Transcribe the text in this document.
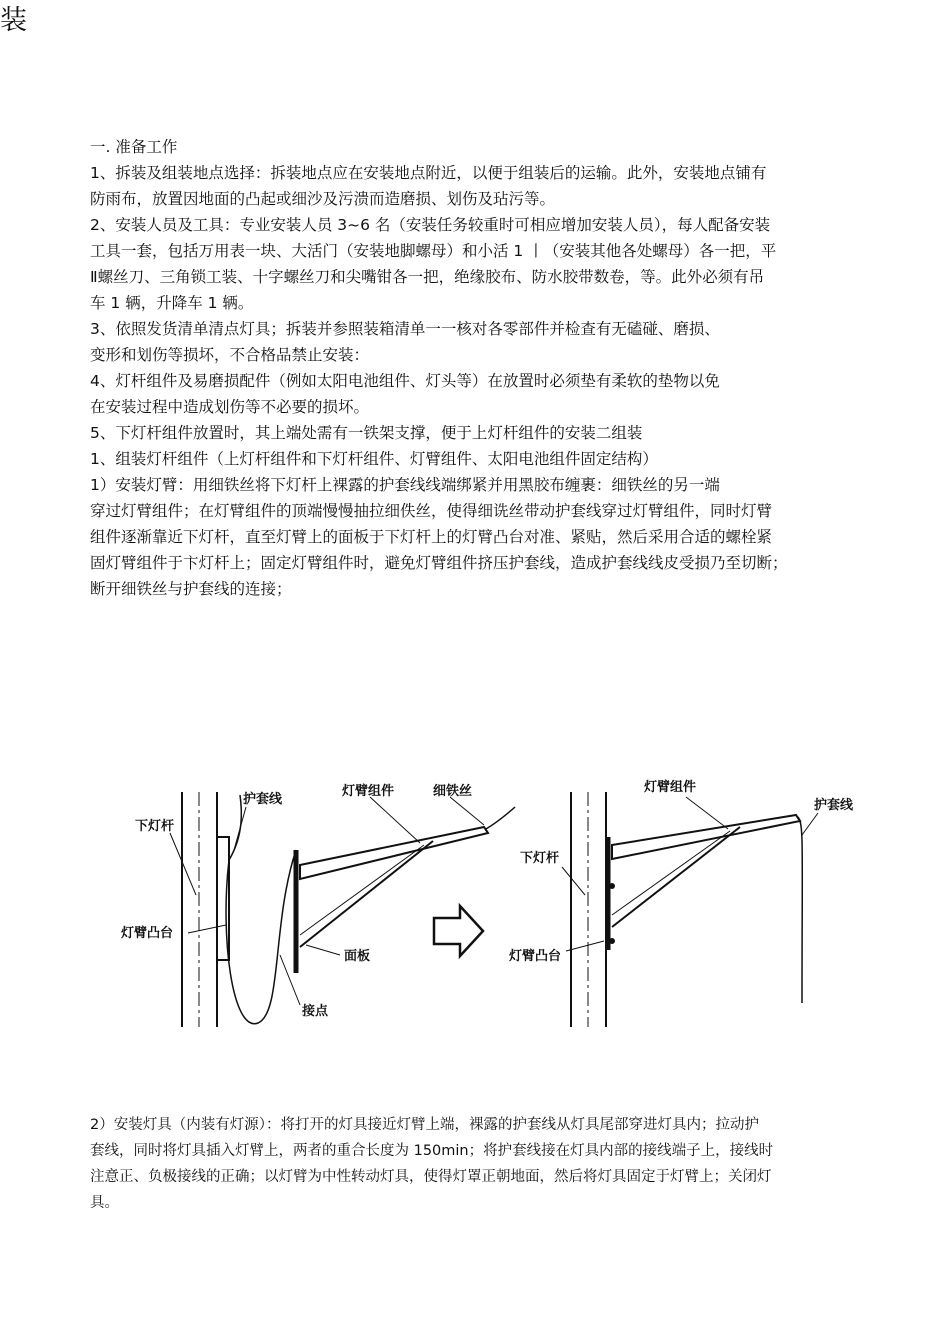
装

一. 准备工作

1、拆装及组装地点选择：拆装地点应在安装地点附近，以便于组装后的运输。此外，安装地点铺有

防雨布，放置因地面的凸起或细沙及污溃而造磨损、划伤及玷污等。

2、安装人员及工具：专业安装人员 3~6 名（安装任务较重时可相应增加安装人员），每人配备安装

工具一套，包括万用表一块、大活门（安装地脚螺母）和小活 1 丨（安装其他各处螺母）各一把，平

Ⅱ螺丝刀、三角锁工装、十字螺丝刀和尖嘴钳各一把，绝缘胶布、防水胶带数卷，等。此外必须有吊

车 1 辆，升降车 1 辆。

3、依照发货清单清点灯具；拆装并参照装箱清单一一核对各零部件并检查有无磕碰、磨损、

变形和划伤等损坏，不合格品禁止安装：

4、灯杆组件及易磨损配件（例如太阳电池组件、灯头等）在放置时必须垫有柔软的垫物以免

在安装过程中造成划伤等不必要的损坏。

5、下灯杆组件放置时，其上端处需有一铁架支撑，便于上灯杆组件的安装二组装

1、组装灯杆组件（上灯杆组件和下灯杆组件、灯臂组件、太阳电池组件固定结构）

1）安装灯臂：用细铁丝将下灯杆上裸露的护套线线端绑紧并用黑胶布缠裹：细铁丝的另一端

穿过灯臂组件；在灯臂组件的顶端慢慢抽拉细佚丝，使得细诜丝带动护套线穿过灯臂组件，同时灯臂

组件逐渐靠近下灯杆，直至灯臂上的面板于下灯杆上的灯臂凸台对准、紧贴，然后采用合适的螺栓紧

固灯臂组件于卞灯杆上；固定灯臂组件时，避免灯臂组件挤压护套线，造成护套线线皮受损乃至切断；

断开细铁丝与护套线的连接；

下灯杆
护套线
灯臂组件	细铁丝
灯臂凸台
面板
接点
灯臂组件
护套线
下灯杆
灯臂凸台

2）安装灯具（内装有灯源）：将打开的灯具接近灯臂上端，裸露的护套线从灯具尾部穿进灯具内；拉动护

套线，同时将灯具插入灯臂上，两者的重合长度为 150min；将护套线接在灯具内部的接线端子上，接线时

注意正、负极接线的正确；以灯臂为中性转动灯具，使得灯罩正朝地面，然后将灯具固定于灯臂上；关闭灯

具。
